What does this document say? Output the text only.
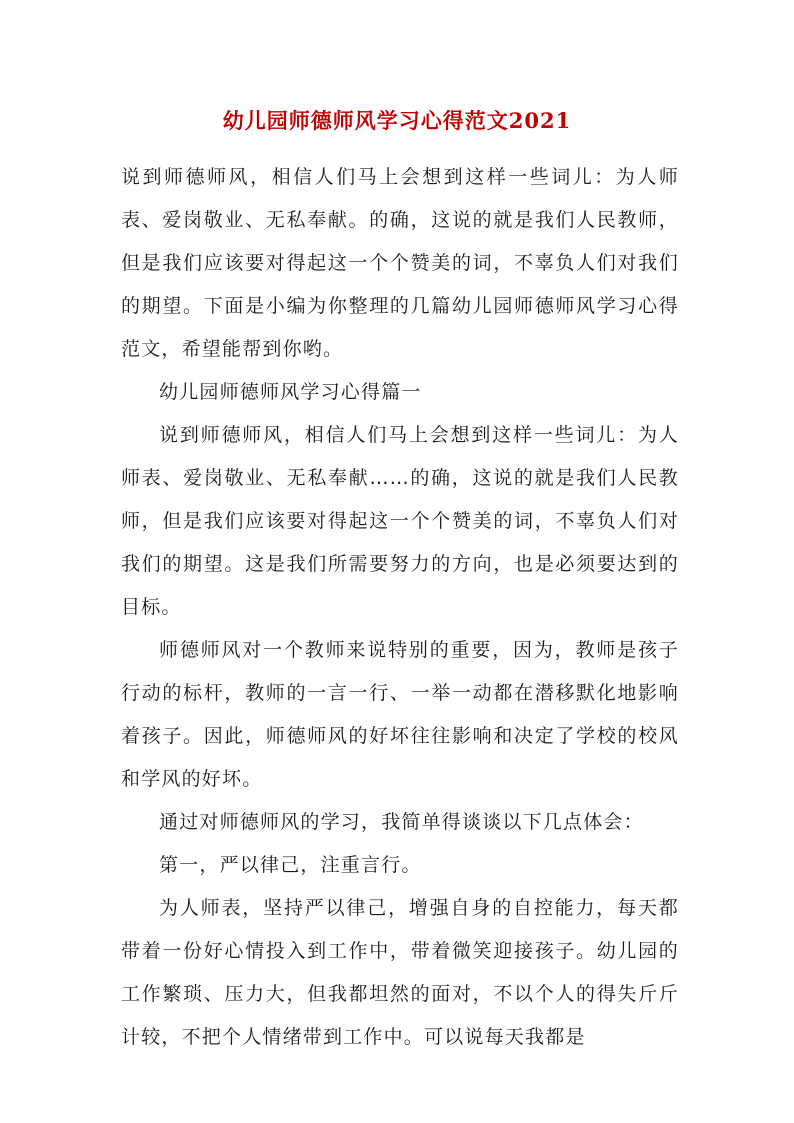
幼儿园师德师风学习心得范文2021

说到师德师风，相信人们马上会想到这样一些词儿：为人师表、爱岗敬业、无私奉献。的确，这说的就是我们人民教师，但是我们应该要对得起这一个个赞美的词，不辜负人们对我们的期望。下面是小编为你整理的几篇幼儿园师德师风学习心得范文，希望能帮到你哟。

幼儿园师德师风学习心得篇一

说到师德师风，相信人们马上会想到这样一些词儿：为人师表、爱岗敬业、无私奉献……的确，这说的就是我们人民教师，但是我们应该要对得起这一个个赞美的词，不辜负人们对我们的期望。这是我们所需要努力的方向，也是必须要达到的目标。

师德师风对一个教师来说特别的重要，因为，教师是孩子行动的标杆，教师的一言一行、一举一动都在潜移默化地影响着孩子。因此，师德师风的好坏往往影响和决定了学校的校风和学风的好坏。

通过对师德师风的学习，我简单得谈谈以下几点体会：

第一，严以律己，注重言行。

为人师表，坚持严以律己，增强自身的自控能力，每天都带着一份好心情投入到工作中，带着微笑迎接孩子。幼儿园的工作繁琐、压力大，但我都坦然的面对，不以个人的得失斤斤计较，不把个人情绪带到工作中。可以说每天我都是
